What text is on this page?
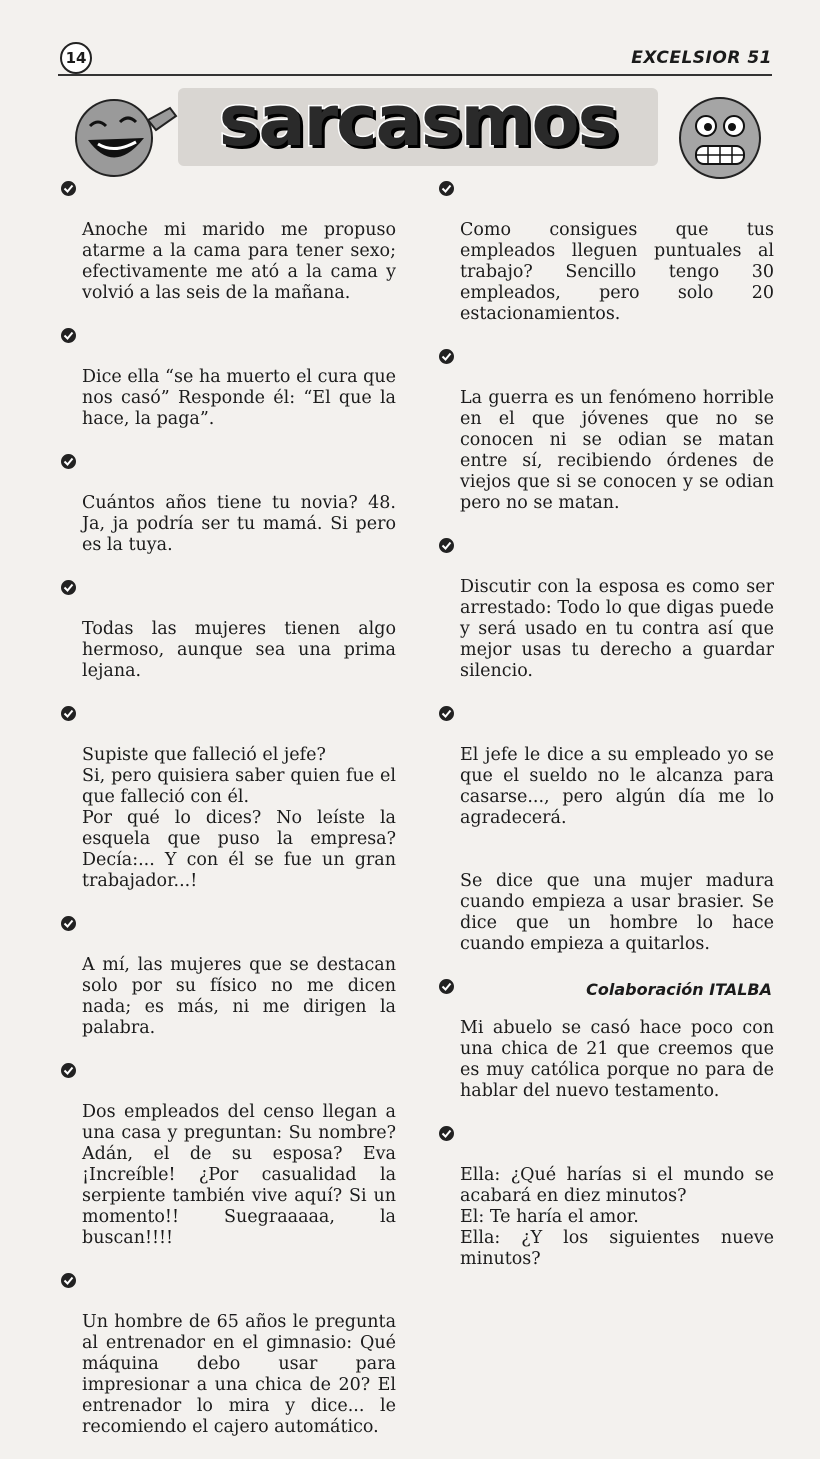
14	EXCELSIOR 51
sarcasmos

Anoche mi marido me propuso atarme a la cama para tener sexo; efectivamente me ató a la cama y volvió a las seis de la mañana.

Dice ella “se ha muerto el cura que nos casó” Responde él: “El que la hace, la paga”.

Cuántos años tiene tu novia? 48. Ja, ja podría ser tu mamá. Si pero es la tuya.

Todas las mujeres tienen algo hermoso, aunque sea una prima lejana.

Supiste que falleció el jefe?
Si, pero quisiera saber quien fue el que falleció con él.
Por qué lo dices? No leíste la esquela que puso la empresa? Decía:... Y con él se fue un gran trabajador...!

A mí, las mujeres que se destacan solo por su físico no me dicen nada; es más, ni me dirigen la palabra.

Dos empleados del censo llegan a una casa y preguntan: Su nombre? Adán, el de su esposa? Eva ¡Increíble! ¿Por casualidad la serpiente también vive aquí? Si un momento!! Suegraaaaa, la buscan!!!!

Un hombre de 65 años le pregunta al entrenador en el gimnasio: Qué máquina debo usar para impresionar a una chica de 20? El entrenador lo mira y dice... le recomiendo el cajero automático.

Como consigues que tus empleados lleguen puntuales al trabajo? Sencillo tengo 30 empleados, pero solo 20 estacionamientos.

La guerra es un fenómeno horrible en el que jóvenes que no se conocen ni se odian se matan entre sí, recibiendo órdenes de viejos que si se conocen y se odian pero no se matan.

Discutir con la esposa es como ser arrestado: Todo lo que digas puede y será usado en tu contra así que mejor usas tu derecho a guardar silencio.

El jefe le dice a su empleado yo se que el sueldo no le alcanza para casarse..., pero algún día me lo agradecerá.

Se dice que una mujer madura cuando empieza a usar brasier. Se dice que un hombre lo hace cuando empieza a quitarlos.

Mi abuelo se casó hace poco con una chica de 21 que creemos que es muy católica porque no para de hablar del nuevo testamento.

Ella: ¿Qué harías si el mundo se acabará en diez minutos?
El: Te haría el amor.
Ella: ¿Y los siguientes nueve minutos?

Colaboración ITALBA
